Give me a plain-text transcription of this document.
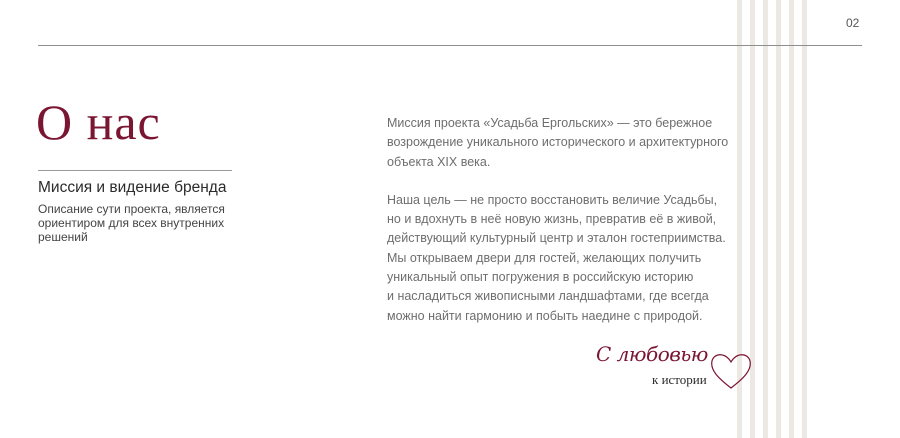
02
О нас
Миссия и видение бренда

Описание сути проекта, является ориентиром для всех внутренних решений

Миссия проекта «Усадьба Ергольских» — это бережное
возрождение уникального исторического и архитектурного
объекта XIX века.
Наша цель — не просто восстановить величие Усадьбы,
но и вдохнуть в неё новую жизнь, превратив её в живой,
действующий культурный центр и эталон гостеприимства.
Мы открываем двери для гостей, желающих получить
уникальный опыт погружения в российскую историю
и насладиться живописными ландшафтами, где всегда
можно найти гармонию и побыть наедине с природой.
С любовью
к истории
